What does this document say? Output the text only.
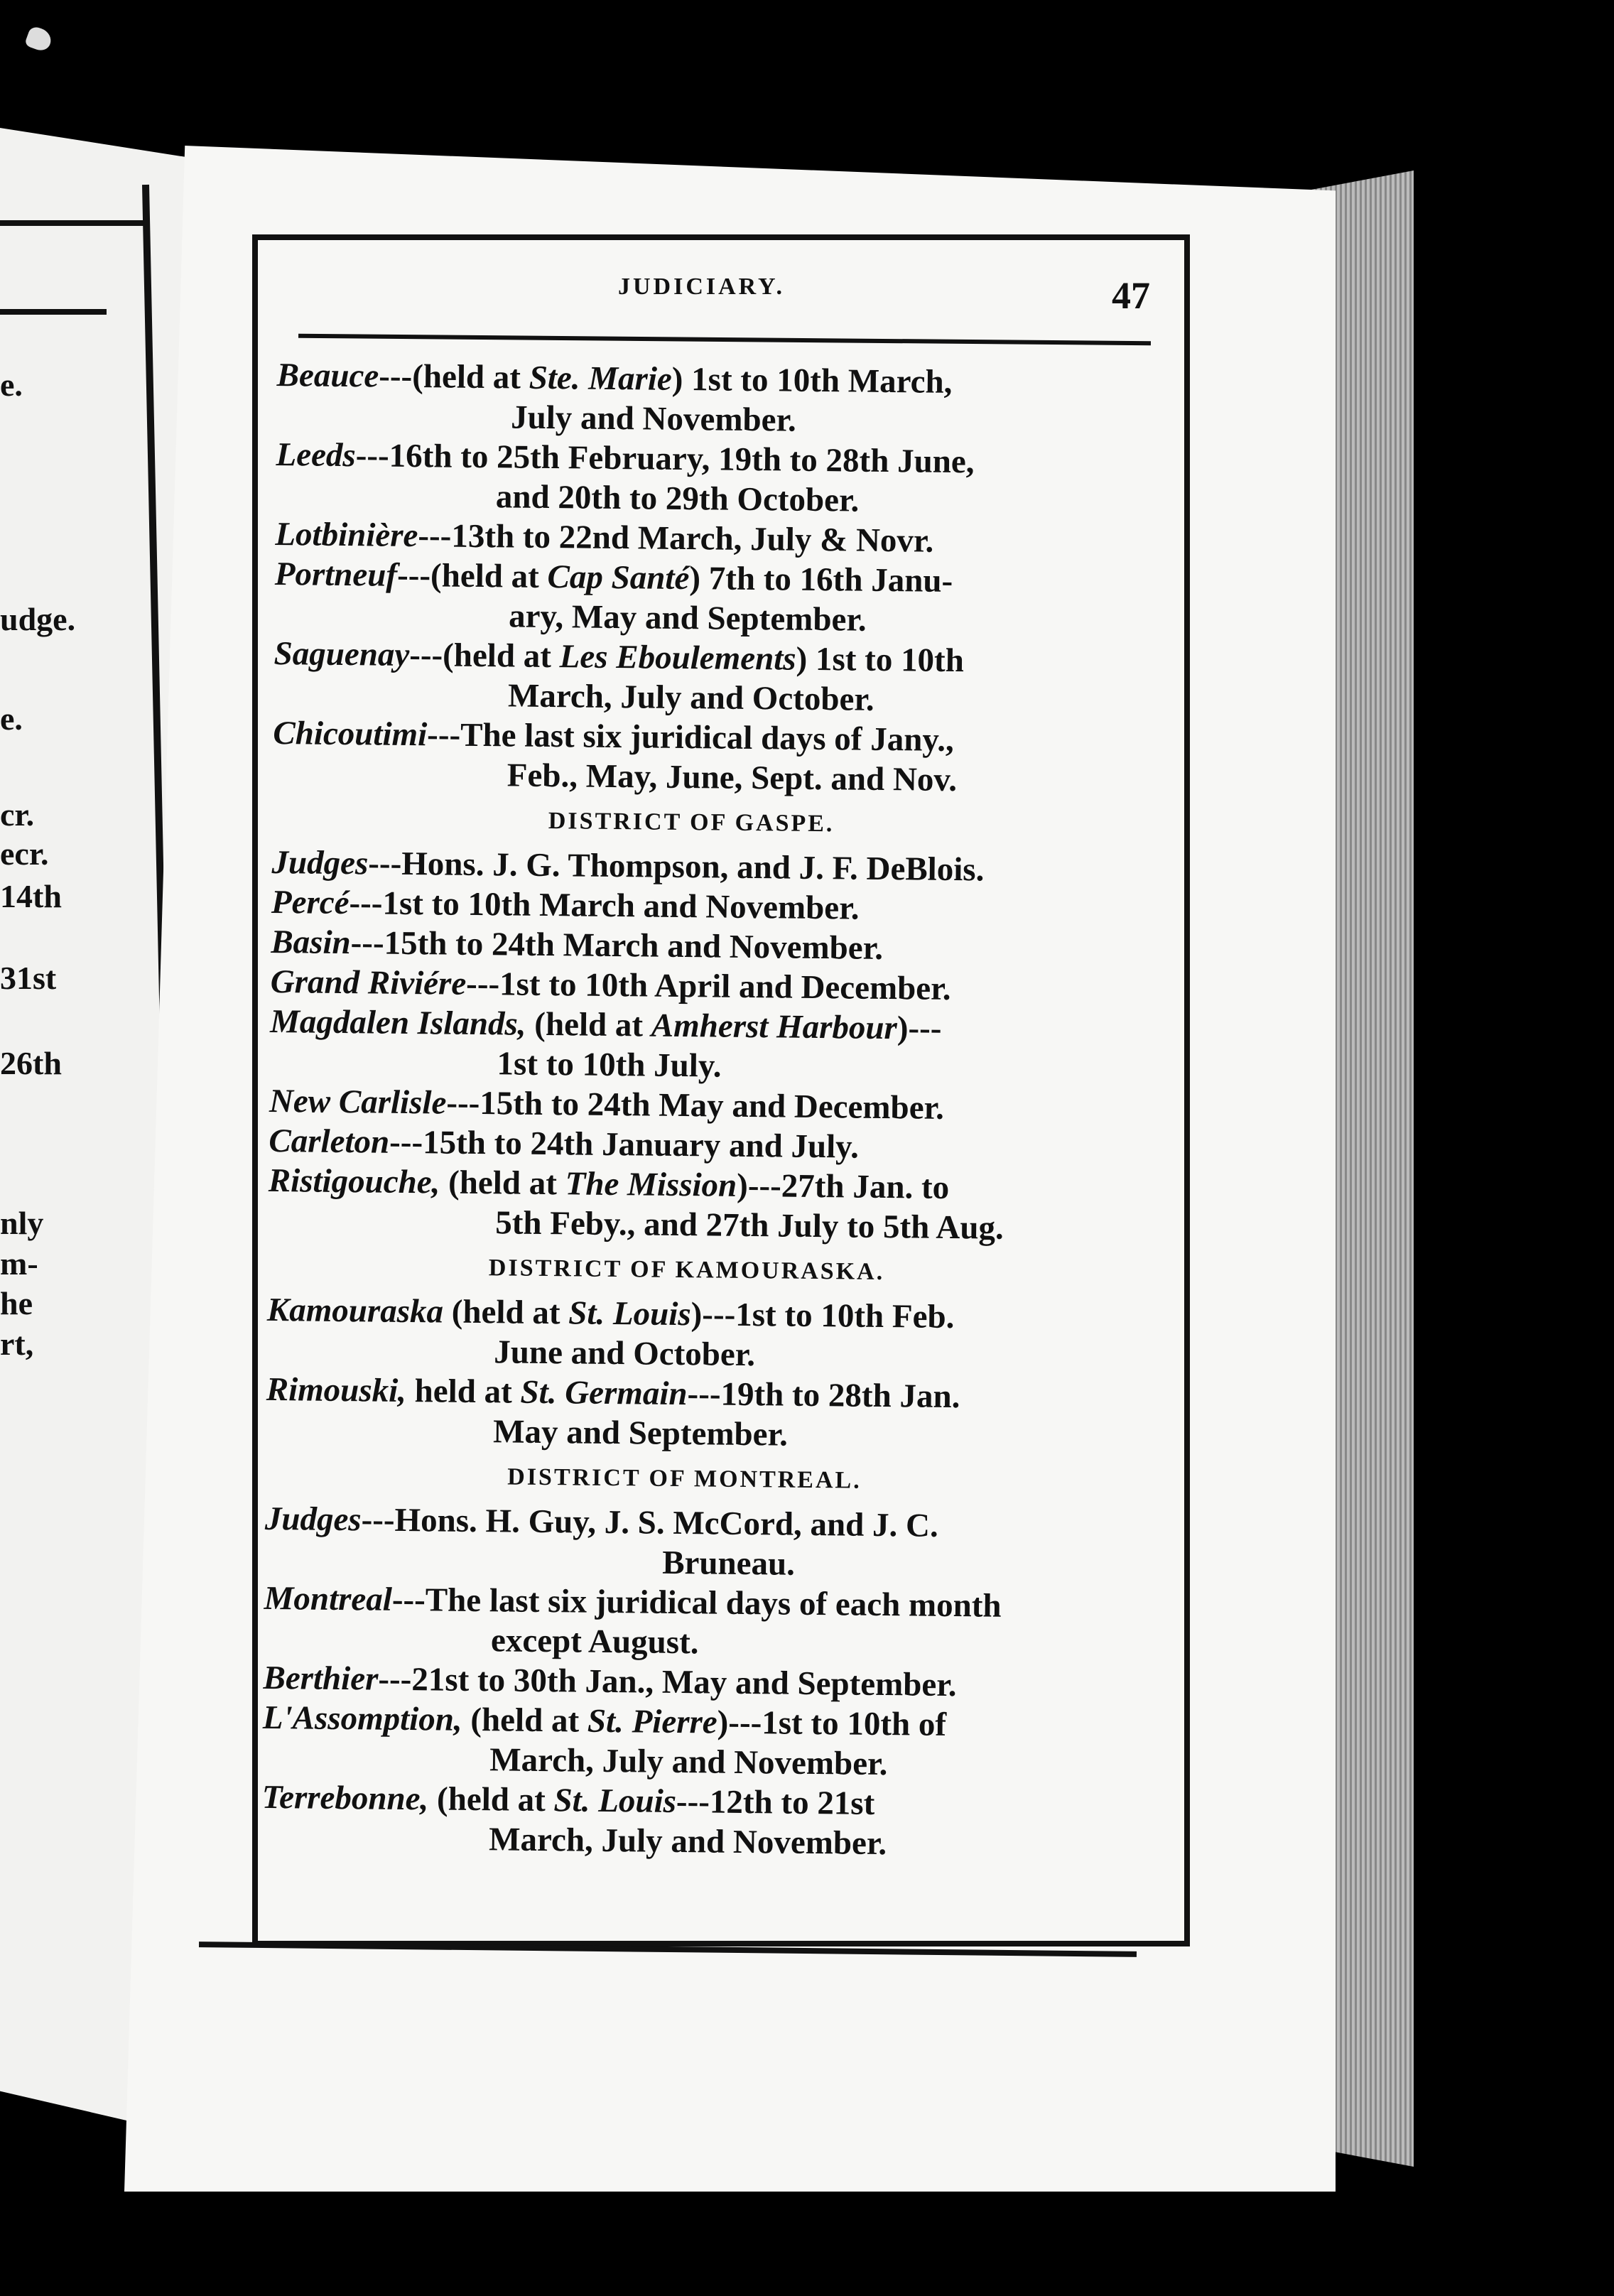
e.
udge.
e.
cr.
ecr.
14th
31st
26th
nly
m-
he
rt,
JUDICIARY.	47
Beauce---(held at Ste. Marie) 1st to 10th March,
July and November.
Leeds---16th to 25th February, 19th to 28th June,
and 20th to 29th October.
Lotbinière---13th to 22nd March, July & Novr.
Portneuf---(held at Cap Santé) 7th to 16th Janu-
ary, May and September.
Saguenay---(held at Les Eboulements) 1st to 10th
March, July and October.
Chicoutimi---The last six juridical days of Jany.,
Feb., May, June, Sept. and Nov.
DISTRICT OF GASPE.
Judges---Hons. J. G. Thompson, and J. F. DeBlois.
Percé---1st to 10th March and November.
Basin---15th to 24th March and November.
Grand Riviére---1st to 10th April and December.
Magdalen Islands, (held at Amherst Harbour)---
1st to 10th July.
New Carlisle---15th to 24th May and December.
Carleton---15th to 24th January and July.
Ristigouche, (held at The Mission)---27th Jan. to
5th Feby., and 27th July to 5th Aug.
DISTRICT OF KAMOURASKA.
Kamouraska (held at St. Louis)---1st to 10th Feb.
June and October.
Rimouski, held at St. Germain---19th to 28th Jan.
May and September.
DISTRICT OF MONTREAL.
Judges---Hons. H. Guy, J. S. McCord, and J. C.
Bruneau.
Montreal---The last six juridical days of each month
except August.
Berthier---21st to 30th Jan., May and September.
L'Assomption, (held at St. Pierre)---1st to 10th of
March, July and November.
Terrebonne, (held at St. Louis---12th to 21st
March, July and November.
